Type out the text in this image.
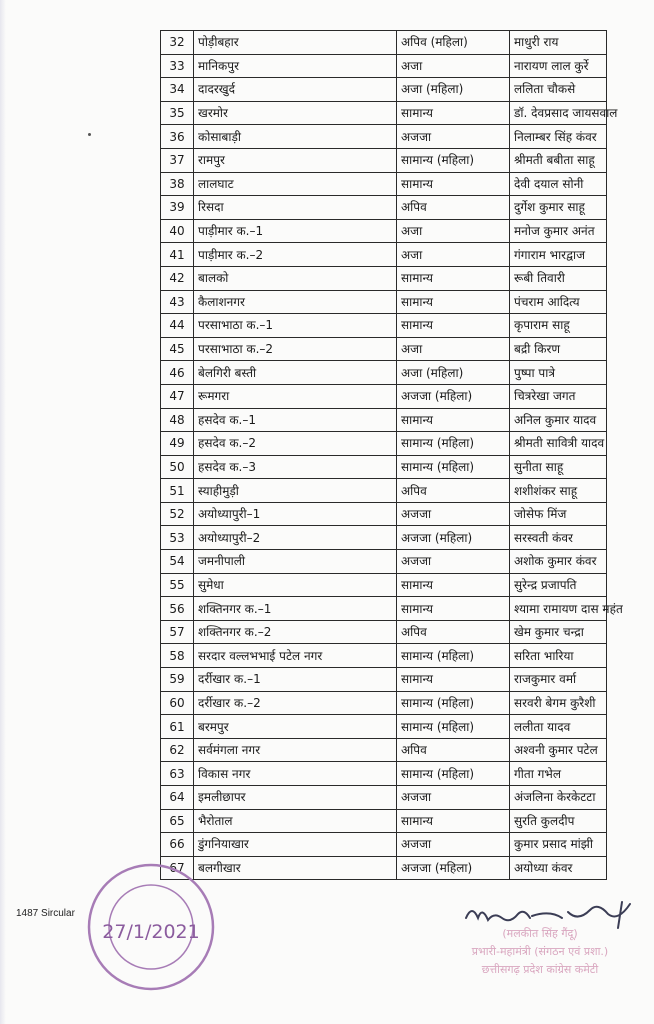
32	पोड़ीबहार	अपिव (महिला)	माधुरी राय
33	मानिकपुर	अजा	नारायण लाल कुर्रे
34	दादरखुर्द	अजा (महिला)	ललिता चौकसे
35	खरमोर	सामान्य	डॉ. देवप्रसाद जायसवाल
36	कोसाबाड़ी	अजजा	निलाम्बर सिंह कंवर
37	रामपुर	सामान्य (महिला)	श्रीमती बबीता साहू
38	लालघाट	सामान्य	देवी दयाल सोनी
39	रिसदा	अपिव	दुर्गेश कुमार साहू
40	पाड़ीमार क.–1	अजा	मनोज कुमार अनंत
41	पाड़ीमार क.–2	अजा	गंगाराम भारद्वाज
42	बालको	सामान्य	रूबी तिवारी
43	कैलाशनगर	सामान्य	पंचराम आदित्य
44	परसाभाठा क.–1	सामान्य	कृपाराम साहू
45	परसाभाठा क.–2	अजा	बद्री किरण
46	बेलगिरी बस्ती	अजा (महिला)	पुष्पा पात्रे
47	रूमगरा	अजजा (महिला)	चित्ररेखा जगत
48	हसदेव क.–1	सामान्य	अनिल कुमार यादव
49	हसदेव क.–2	सामान्य (महिला)	श्रीमती सावित्री यादव
50	हसदेव क.–3	सामान्य (महिला)	सुनीता साहू
51	स्याहीमुड़ी	अपिव	शशीशंकर साहू
52	अयोध्यापुरी–1	अजजा	जोसेफ मिंज
53	अयोध्यापुरी–2	अजजा (महिला)	सरस्वती कंवर
54	जमनीपाली	अजजा	अशोक कुमार कंवर
55	सुमेधा	सामान्य	सुरेन्द्र प्रजापति
56	शक्तिनगर क.–1	सामान्य	श्यामा रामायण दास महंत
57	शक्तिनगर क.–2	अपिव	खेम कुमार चन्द्रा
58	सरदार वल्लभभाई पटेल नगर	सामान्य (महिला)	सरिता भारिया
59	दर्रीखार क.–1	सामान्य	राजकुमार वर्मा
60	दर्रीखार क.–2	सामान्य (महिला)	सरवरी बेगम कुरैशी
61	बरमपुर	सामान्य (महिला)	ललीता यादव
62	सर्वमंगला नगर	अपिव	अश्वनी कुमार पटेल
63	विकास नगर	सामान्य (महिला)	गीता गभेल
64	इमलीछापर	अजजा	अंजलिना केरकेटटा
65	भैरोताल	सामान्य	सुरति कुलदीप
66	डुंगनियाखार	अजजा	कुमार प्रसाद मांझी
67	बलगीखार	अजजा (महिला)	अयोध्या कंवर
1487 Sircular
27/1/2021	(मलकीत सिंह गैंदू)
प्रभारी-महामंत्री (संगठन एवं प्रशा.)
छत्तीसगढ़ प्रदेश कांग्रेस कमेटी
